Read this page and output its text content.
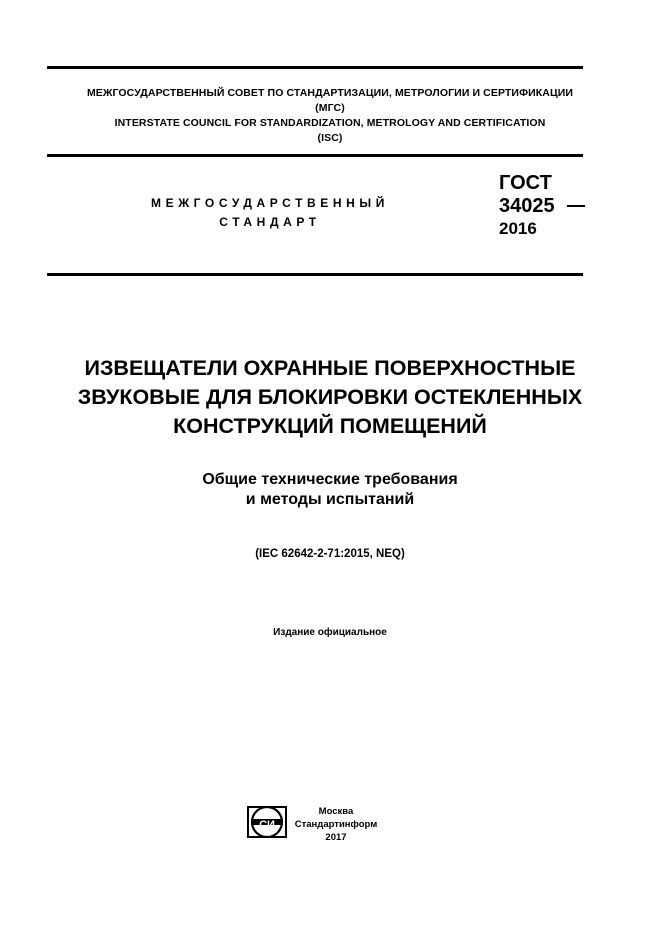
МЕЖГОСУДАРСТВЕННЫЙ СОВЕТ ПО СТАНДАРТИЗАЦИИ, МЕТРОЛОГИИ И СЕРТИФИКАЦИИ
(МГС)
INTERSTATE COUNCIL FOR STANDARDIZATION, METROLOGY AND CERTIFICATION
(ISC)
МЕЖГОСУДАРСТВЕННЫЙ
СТАНДАРТ
ГОСТ
34025
2016
ИЗВЕЩАТЕЛИ ОХРАННЫЕ ПОВЕРХНОСТНЫЕ
ЗВУКОВЫЕ ДЛЯ БЛОКИРОВКИ ОСТЕКЛЕННЫХ
КОНСТРУКЦИЙ ПОМЕЩЕНИЙ
Общие технические требования
и методы испытаний
(IEC 62642-2-71:2015, NEQ)
Издание официальное
СИ
Москва
Стандартинформ
2017
